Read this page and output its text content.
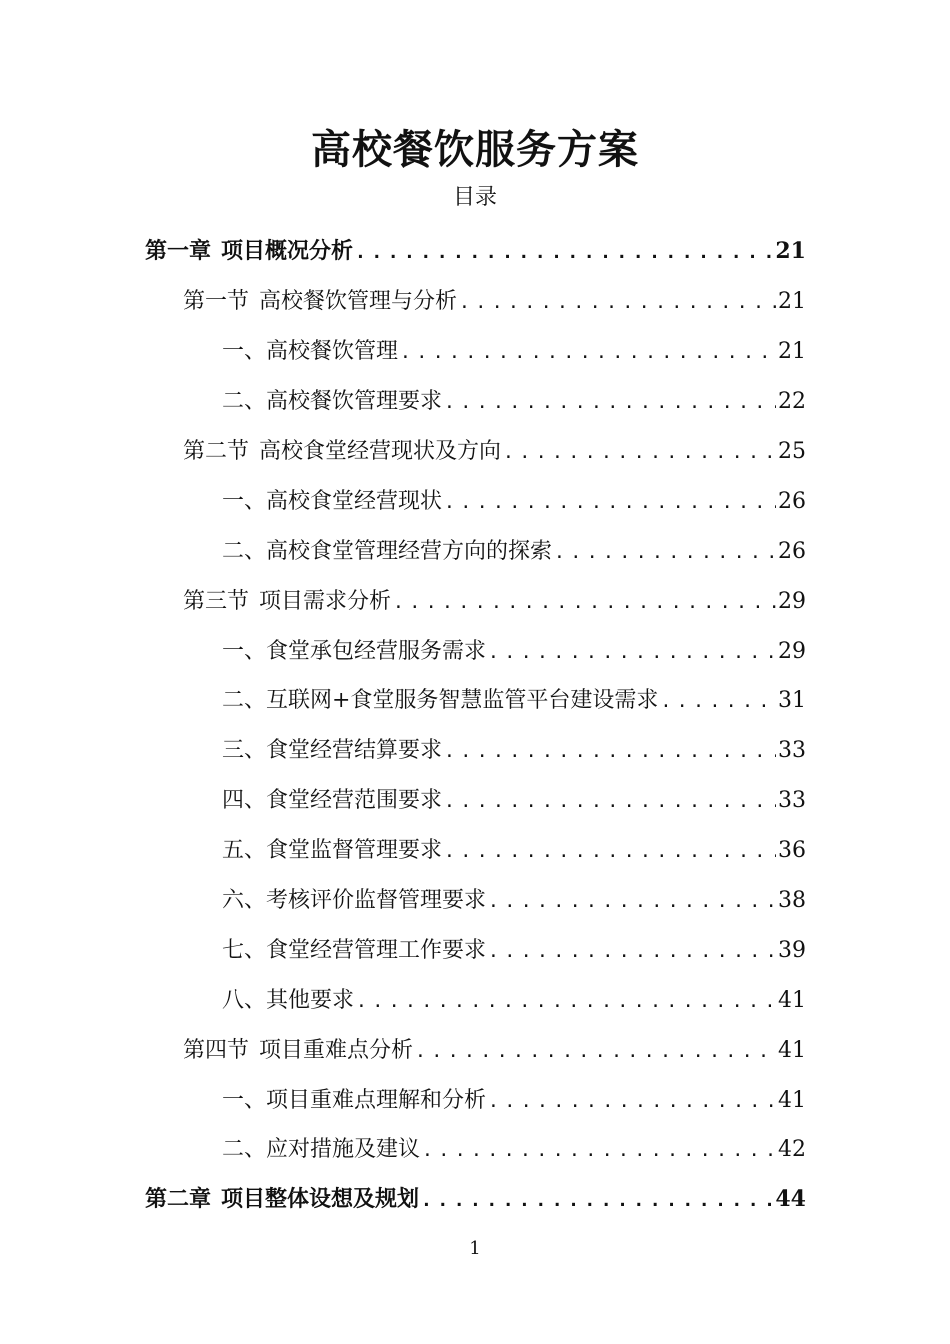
高校餐饮服务方案
目录
第一章 项目概况分析 .....	21
第一节 高校餐饮管理与分析 .....	21
一、高校餐饮管理 .....	21
二、高校餐饮管理要求 .....	22
第二节 高校食堂经营现状及方向 .....	25
一、高校食堂经营现状 .....	26
二、高校食堂管理经营方向的探索 .....	26
第三节 项目需求分析 .....	29
一、食堂承包经营服务需求 .....	29
二、互联网+食堂服务智慧监管平台建设需求 .....	31
三、食堂经营结算要求 .....	33
四、食堂经营范围要求 .....	33
五、食堂监督管理要求 .....	36
六、考核评价监督管理要求 .....	38
七、食堂经营管理工作要求 .....	39
八、其他要求 .....	41
第四节 项目重难点分析 .....	41
一、项目重难点理解和分析 .....	41
二、应对措施及建议 .....	42
第二章 项目整体设想及规划 .....	44
1
